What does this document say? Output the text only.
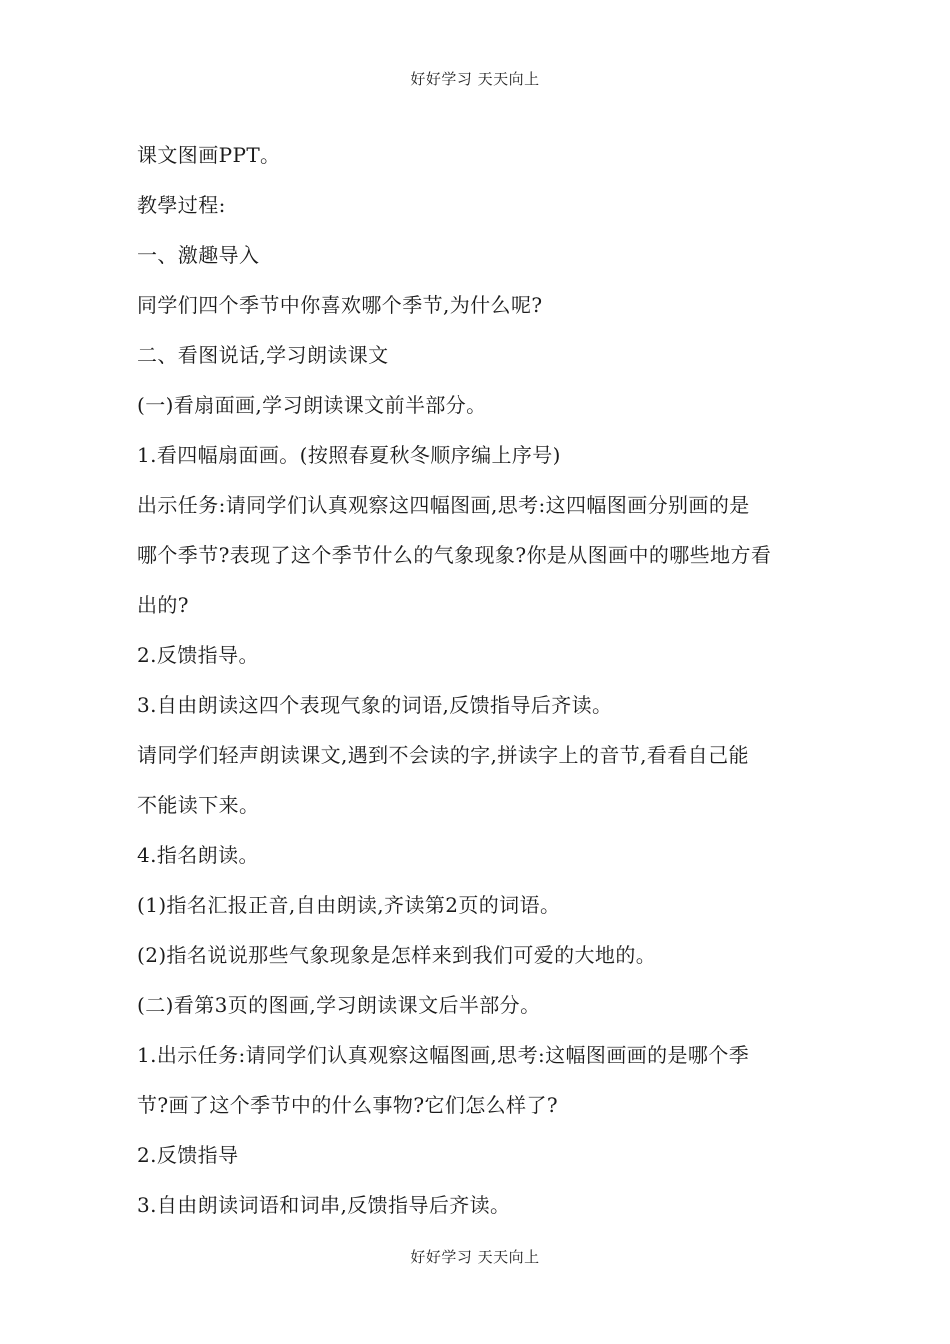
好好学习 天天向上
课文图画PPT。
教學过程:
一、激趣导入
同学们四个季节中你喜欢哪个季节,为什么呢?
二、看图说话,学习朗读课文
(一)看扇面画,学习朗读课文前半部分。
1.看四幅扇面画。(按照春夏秋冬顺序编上序号)
出示任务:请同学们认真观察这四幅图画,思考:这四幅图画分别画的是
哪个季节?表现了这个季节什么的气象现象?你是从图画中的哪些地方看
出的?
2.反馈指导。
3.自由朗读这四个表现气象的词语,反馈指导后齐读。
请同学们轻声朗读课文,遇到不会读的字,拼读字上的音节,看看自己能
不能读下来。
4.指名朗读。
(1)指名汇报正音,自由朗读,齐读第2页的词语。
(2)指名说说那些气象现象是怎样来到我们可爱的大地的。
(二)看第3页的图画,学习朗读课文后半部分。
1.出示任务:请同学们认真观察这幅图画,思考:这幅图画画的是哪个季
节?画了这个季节中的什么事物?它们怎么样了?
2.反馈指导
3.自由朗读词语和词串,反馈指导后齐读。
好好学习 天天向上
